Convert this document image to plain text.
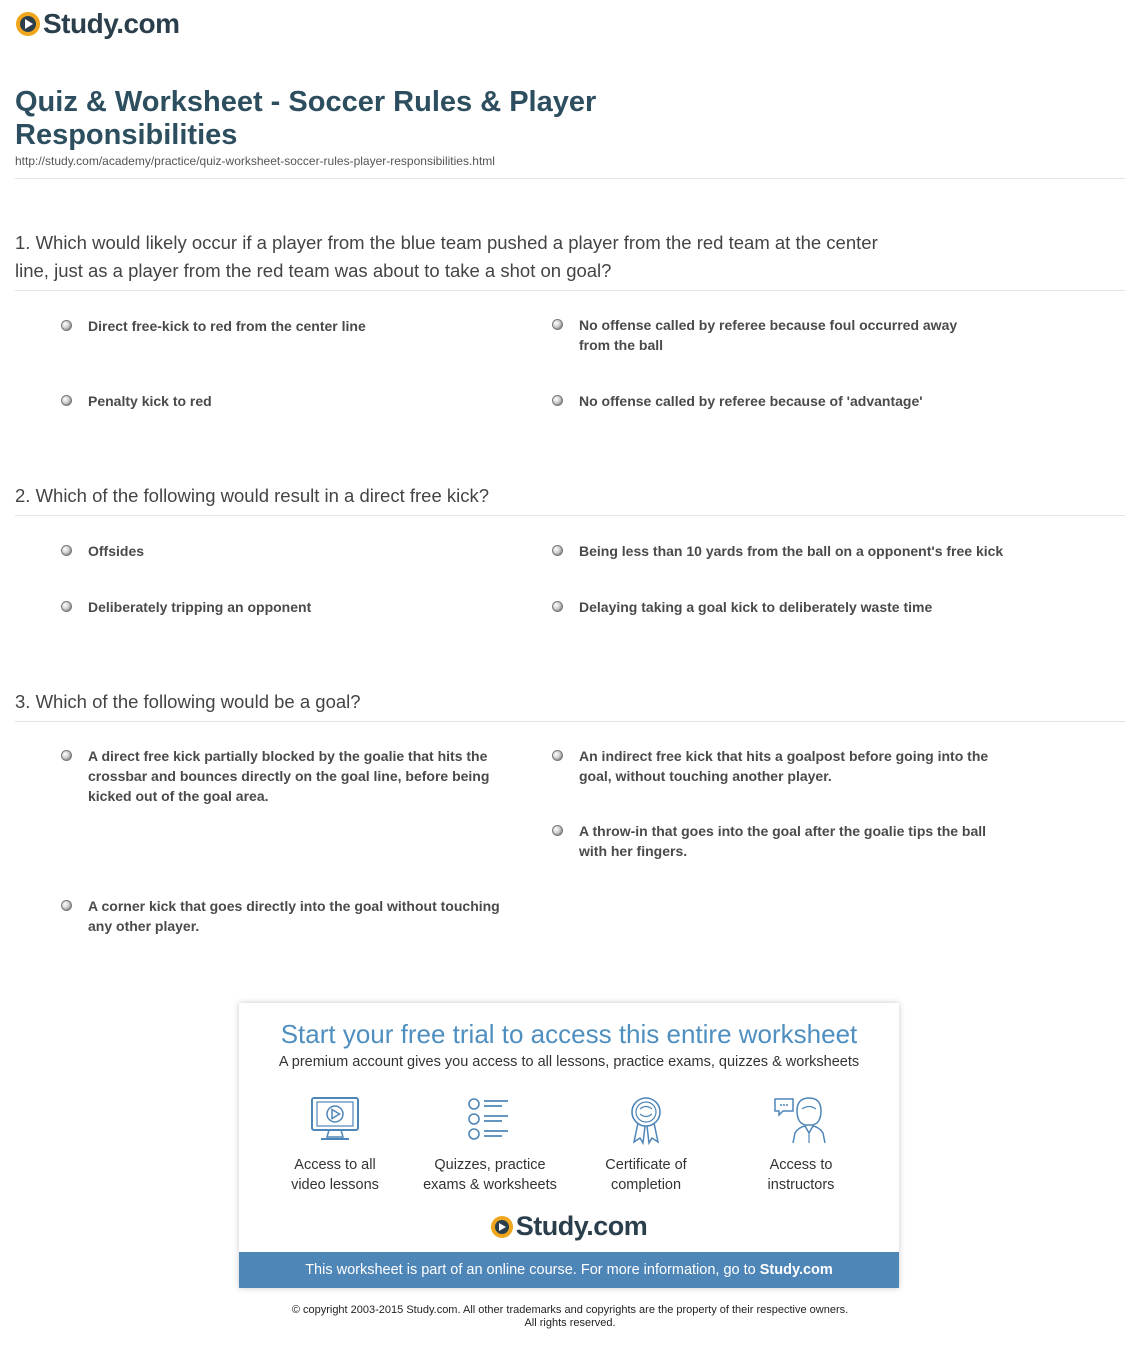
Study.com
Quiz & Worksheet - Soccer Rules & Player Responsibilities
http://study.com/academy/practice/quiz-worksheet-soccer-rules-player-responsibilities.html

1. Which would likely occur if a player from the blue team pushed a player from the red team at the center line, just as a player from the red team was about to take a shot on goal?

Direct free-kick to red from the center line	No offense called by referee because foul occurred away from the ball
Penalty kick to red	No offense called by referee because of 'advantage'

2. Which of the following would result in a direct free kick?

Offsides	Being less than 10 yards from the ball on a opponent's free kick
Deliberately tripping an opponent	Delaying taking a goal kick to deliberately waste time

3. Which of the following would be a goal?

A direct free kick partially blocked by the goalie that hits the crossbar and bounces directly on the goal line, before being kicked out of the goal area.
An indirect free kick that hits a goalpost before going into the goal, without touching another player.
A throw-in that goes into the goal after the goalie tips the ball with her fingers.
A corner kick that goes directly into the goal without touching any other player.
Start your free trial to access this entire worksheet
A premium account gives you access to all lessons, practice exams, quizzes & worksheets
Access to all
video lessons
Quizzes, practice
exams & worksheets
Certificate of
completion
Access to
instructors
Study.com
This worksheet is part of an online course. For more information, go to Study.com
© copyright 2003-2015 Study.com. All other trademarks and copyrights are the property of their respective owners.
All rights reserved.
